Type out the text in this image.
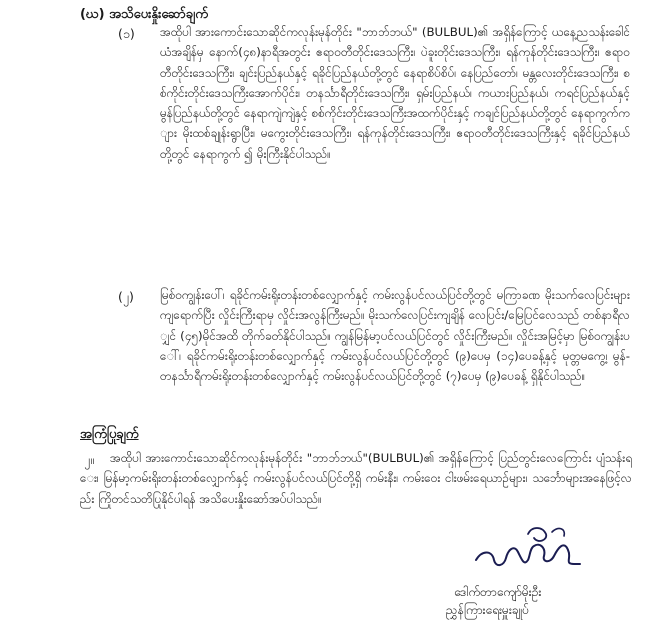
(ဃ) အသိပေးနှိုးဆော်ချက်
(၁) အထိုပါ အားကောင်းသောဆိုင်ကလုန်းမုန်တိုင်း "ဘာဘ်ဘယ်" (BULBUL)၏ အရှိန်ကြောင့် ယနေ့ညသန်းခေါင်ယံအချိန်မှ နောက်(၄၈)နာရီအတွင်း ဧရာဝတီတိုင်းဒေသကြီး၊ ပဲခူးတိုင်းဒေသကြီး၊ ရန်ကုန်တိုင်းဒေသကြီး၊ ဧရာဝတီတိုင်းဒေသကြီး၊ ချင်းပြည်နယ်နှင့် ရခိုင်ပြည်နယ်တို့တွင် နေရာစိပ်စိပ်၊ နေပြည်တော်၊ မန္တလေးတိုင်းဒေသကြီး၊ စစ်ကိုင်းတိုင်းဒေသကြီးအောက်ပိုင်း၊ တနင်္သာရီတိုင်းဒေသကြီး၊ ရှမ်းပြည်နယ်၊ ကယားပြည်နယ်၊ ကရင်ပြည်နယ်နှင့် မွန်ပြည်နယ်တို့တွင် နေရာကျဲကျဲနှင့် စစ်ကိုင်းတိုင်းဒေသကြီးအထက်ပိုင်းနှင့် ကချင်ပြည်နယ်တို့တွင် နေရာကွက်ကျား မိုးထစ်ချုန်းရွာပြီး၊ မကွေးတိုင်းဒေသကြီး၊ ရန်ကုန်တိုင်းဒေသကြီး၊ ဧရာဝတီတိုင်းဒေသကြီးနှင့် ရခိုင်ပြည်နယ်တို့တွင် နေရာကွက် ၍ မိုးကြီးနိုင်ပါသည်။
(၂) မြစ်ဝကျွန်းပေါ်၊ ရခိုင်ကမ်းရိုးတန်းတစ်လျှောက်နှင့် ကမ်းလွန်ပင်လယ်ပြင်တို့တွင် မကြာခဏ မိုးသက်လေပြင်းများကျရောက်ပြီး လှိုင်းကြီးရာမှ လှိုင်းအလွန်ကြီးမည်။ မိုးသက်လေပြင်းကျချိန် လေပြင်း/မြေပြင်လေသည် တစ်နာရီလျှင် (၄၅)မိုင်အထိ တိုက်ခတ်နိုင်ပါသည်။ ကျွန်မြန်မာ့ပင်လယ်ပြင်တွင် လှိုင်းကြီးမည်။ လှိုင်းအမြင့်မှာ မြစ်ဝကျွန်းပေါ်၊ ရခိုင်ကမ်းရိုးတန်းတစ်လျှောက်နှင့် ကမ်းလွန်ပင်လယ်ပြင်တို့တွင် (၉)ပေမှ (၁၄)ပေခန့်နှင့် မုတ္တမကွေ့၊ မွန်-တနင်္သာရီကမ်းရိုးတန်းတစ်လျှောက်နှင့် ကမ်းလွန်ပင်လယ်ပြင်တို့တွင် (၇)ပေမှ (၉)ပေခန့် ရှိနိုင်ပါသည်။
အကြံပြုချက်
၂။	အထိုပါ အားကောင်းသောဆိုင်ကလုန်းမုန်တိုင်း "ဘာဘ်ဘယ်"(BULBUL)၏ အရှိန်ကြောင့် ပြည်တွင်းလေကြောင်း ပျံသန်းရေး၊ မြန်မာ့ကမ်းရိုးတန်းတစ်လျှောက်နှင့် ကမ်းလွန်ပင်လယ်ပြင်တို့ရှိ ကမ်းနီး၊ ကမ်းဝေး ငါးဖမ်းရေယာဉ်များ၊ သင်္ဘောများအနေဖြင့်လည်း ကြိုတင်သတိပြုနိုင်ပါရန် အသိပေးနှိုးဆော်အပ်ပါသည်။
ဒေါက်တာကျော်မိုးဦး
ညွှန်ကြားရေးမှူးချုပ်
